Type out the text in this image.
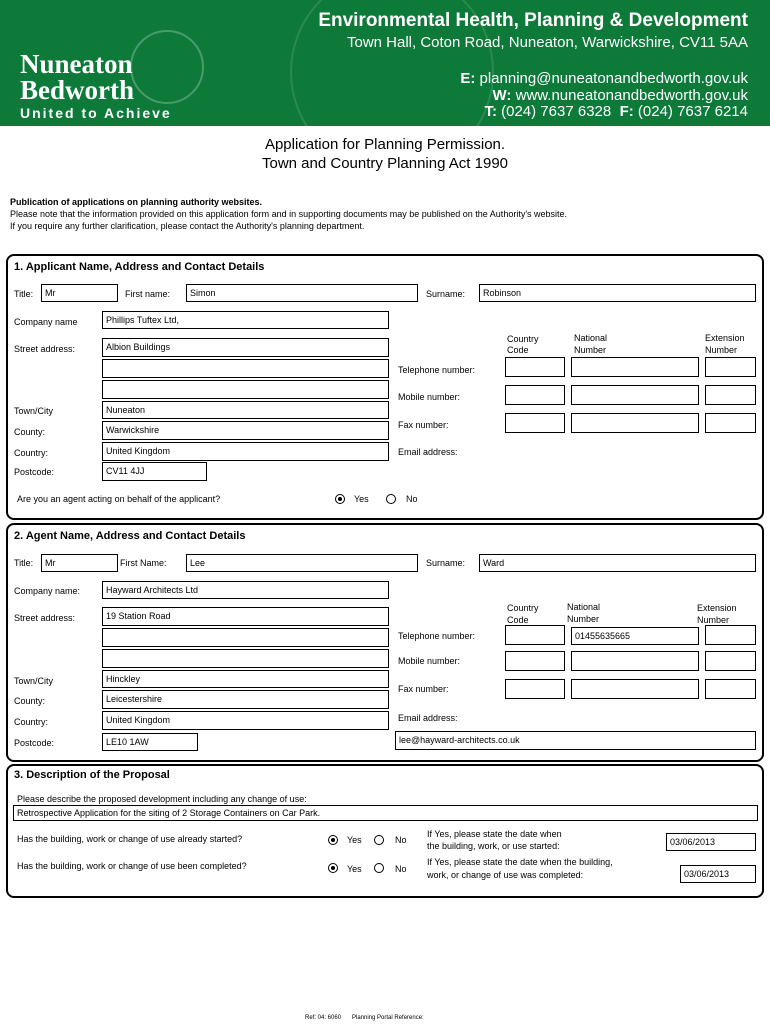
Nuneaton
Bedworth
United to Achieve
Environmental Health, Planning & Development
Town Hall, Coton Road, Nuneaton, Warwickshire, CV11 5AA
E: planning@nuneatonandbedworth.gov.uk
W: www.nuneatonandbedworth.gov.uk
T: (024) 7637 6328 F: (024) 7637 6214
Application for Planning Permission.
Town and Country Planning Act 1990
Publication of applications on planning authority websites.
Please note that the information provided on this application form and in supporting documents may be published on the Authority's website.
If you require any further clarification, please contact the Authority's planning department.
1. Applicant Name, Address and Contact Details
Title:	Mr	First name:	Simon	Surname:	Robinson
Company name	Phillips Tuftex Ltd,
Street address:	Albion Buildings
Country
Code
National
Number
Extension
Number
Telephone number:
Mobile number:
Town/City	Nuneaton
Fax number:
County:	Warwickshire
Country:	United Kingdom	Email address:
Postcode:	CV11 4JJ
Are you an agent acting on behalf of the applicant?	Yes	No
2. Agent Name, Address and Contact Details
Title:	Mr	First Name:	Lee	Surname:	Ward
Company name:	Hayward Architects Ltd
Street address:	19 Station Road
Country
Code
National
Number
Extension
Number
Telephone number:	01455635665
Mobile number:
Town/City	Hinckley
Fax number:
County:	Leicestershire
Country:	United Kingdom	Email address:
lee@hayward-architects.co.uk
Postcode:	LE10 1AW
3. Description of the Proposal
Please describe the proposed development including any change of use:
Retrospective Application for the siting of 2 Storage Containers on Car Park.
Has the building, work or change of use already started?	Yes	No
If Yes, please state the date when
the building, work, or use started:	03/06/2013
Has the building, work or change of use been completed?	Yes	No
If Yes, please state the date when the building,
work, or change of use was completed:	03/06/2013
Ref: 04: 6060 Planning Portal Reference:
